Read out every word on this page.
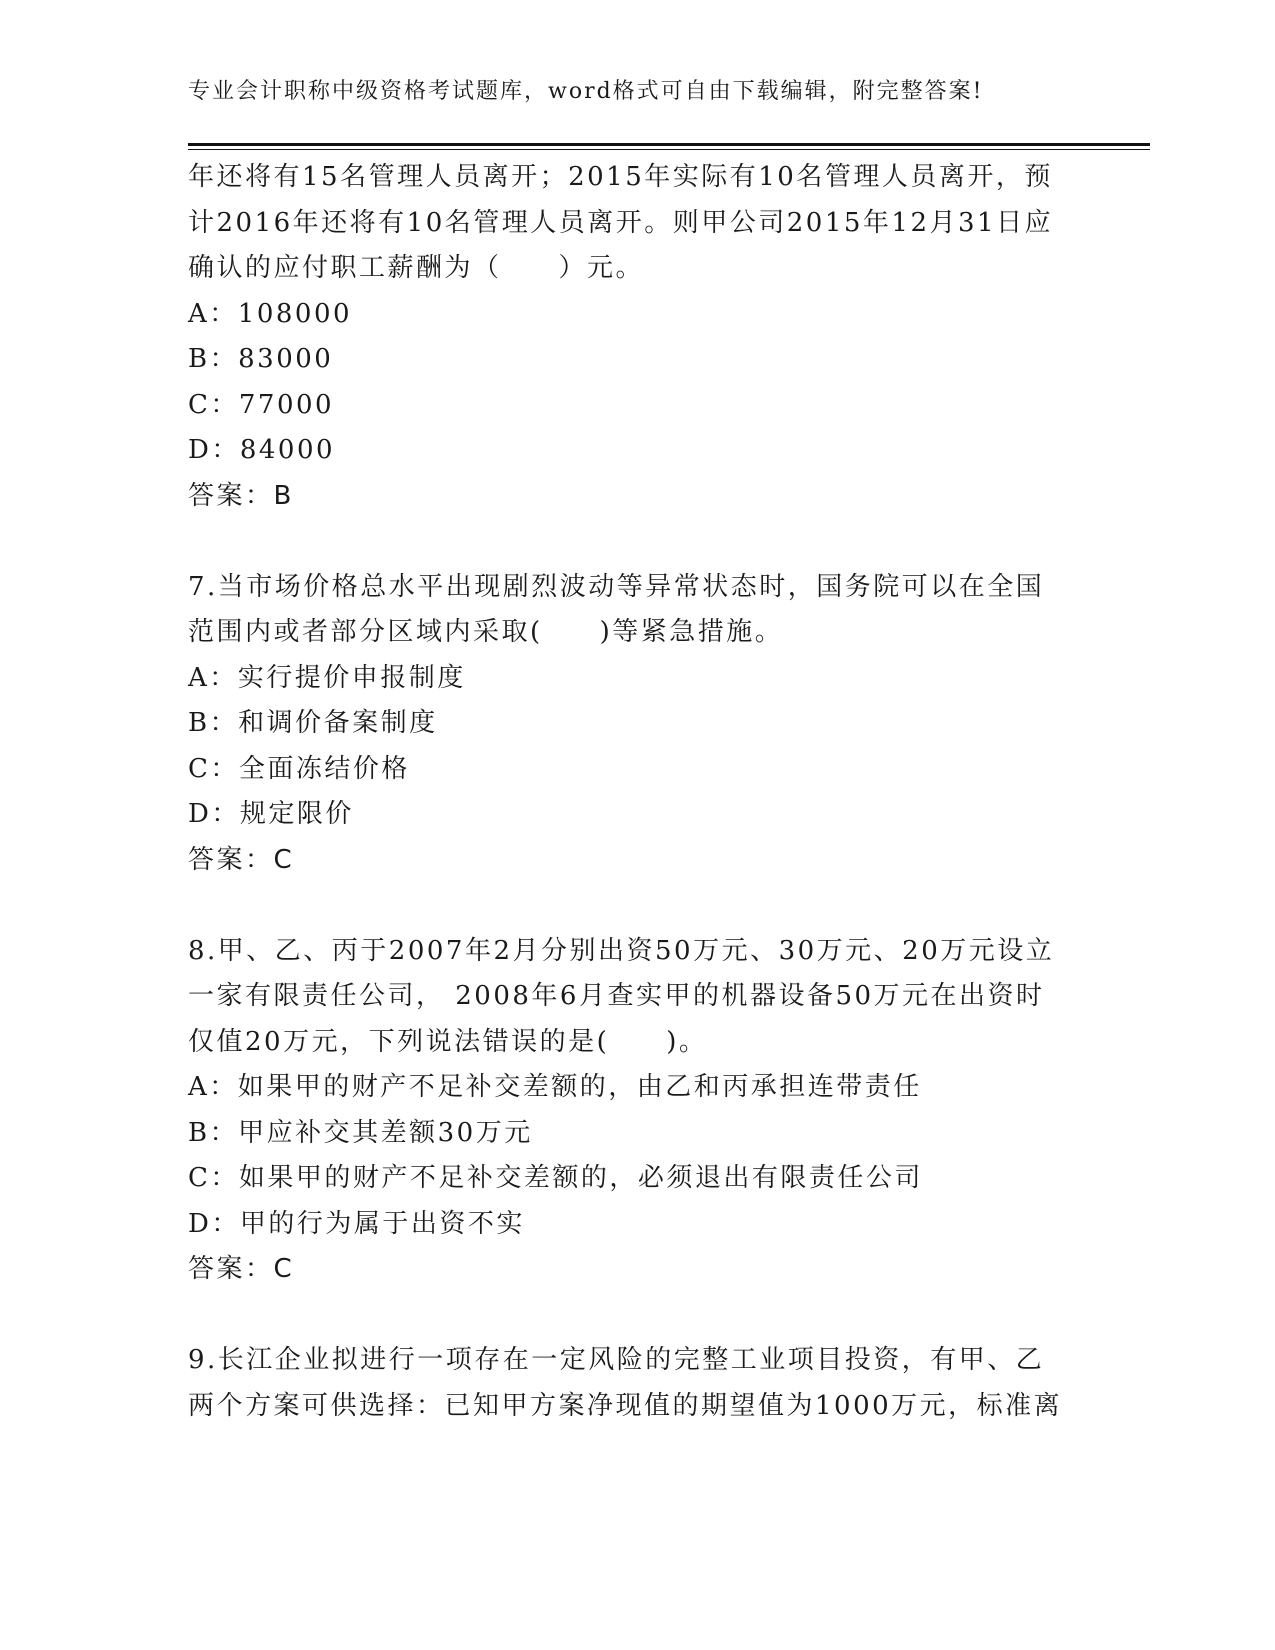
专业会计职称中级资格考试题库，word格式可自由下载编辑，附完整答案!
年还将有15名管理人员离开；2015年实际有10名管理人员离开，预
计2016年还将有10名管理人员离开。则甲公司2015年12月31日应
确认的应付职工薪酬为（　　）元。
A：108000
B：83000
C：77000
D：84000
答案：B
7.当市场价格总水平出现剧烈波动等异常状态时，国务院可以在全国
范围内或者部分区域内采取(　　)等紧急措施。
A：实行提价申报制度
B：和调价备案制度
C：全面冻结价格
D：规定限价
答案：C
8.甲、乙、丙于2007年2月分别出资50万元、30万元、20万元设立
一家有限责任公司， 2008年6月查实甲的机器设备50万元在出资时
仅值20万元，下列说法错误的是(　　)。
A：如果甲的财产不足补交差额的，由乙和丙承担连带责任
B：甲应补交其差额30万元
C：如果甲的财产不足补交差额的，必须退出有限责任公司
D：甲的行为属于出资不实
答案：C
9.长江企业拟进行一项存在一定风险的完整工业项目投资，有甲、乙
两个方案可供选择：已知甲方案净现值的期望值为1000万元，标准离
